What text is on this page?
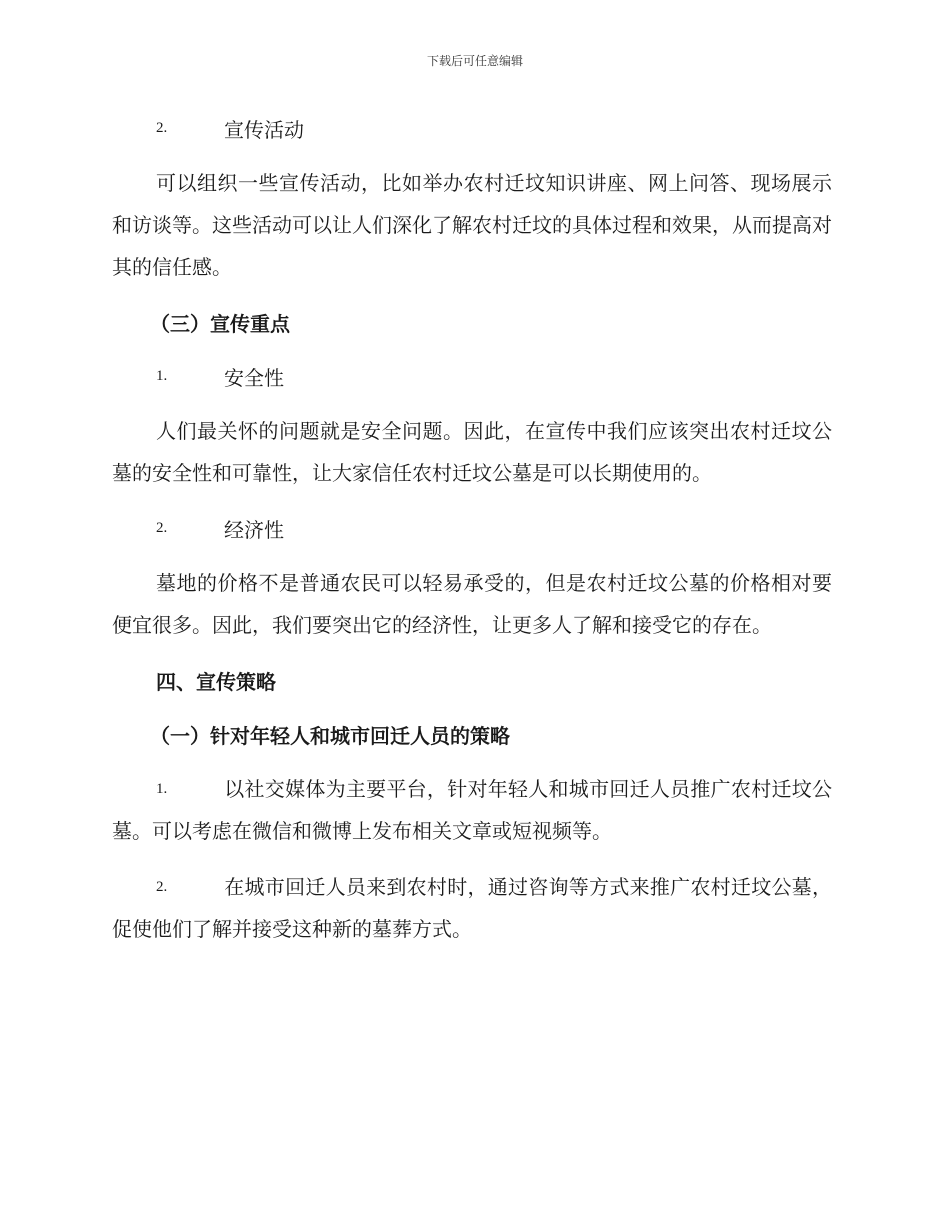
下载后可任意编辑
2.	宣传活动

可以组织一些宣传活动，比如举办农村迁坟知识讲座、网上问答、现场展示和访谈等。这些活动可以让人们深化了解农村迁坟的具体过程和效果，从而提高对其的信任感。

（三）宣传重点
1.	安全性

人们最关怀的问题就是安全问题。因此，在宣传中我们应该突出农村迁坟公墓的安全性和可靠性，让大家信任农村迁坟公墓是可以长期使用的。

2.	经济性

墓地的价格不是普通农民可以轻易承受的，但是农村迁坟公墓的价格相对要便宜很多。因此，我们要突出它的经济性，让更多人了解和接受它的存在。

四、宣传策略
（一）针对年轻人和城市回迁人员的策略

1.	以社交媒体为主要平台，针对年轻人和城市回迁人员推广农村迁坟公墓。可以考虑在微信和微博上发布相关文章或短视频等。

2.	在城市回迁人员来到农村时，通过咨询等方式来推广农村迁坟公墓，促使他们了解并接受这种新的墓葬方式。
